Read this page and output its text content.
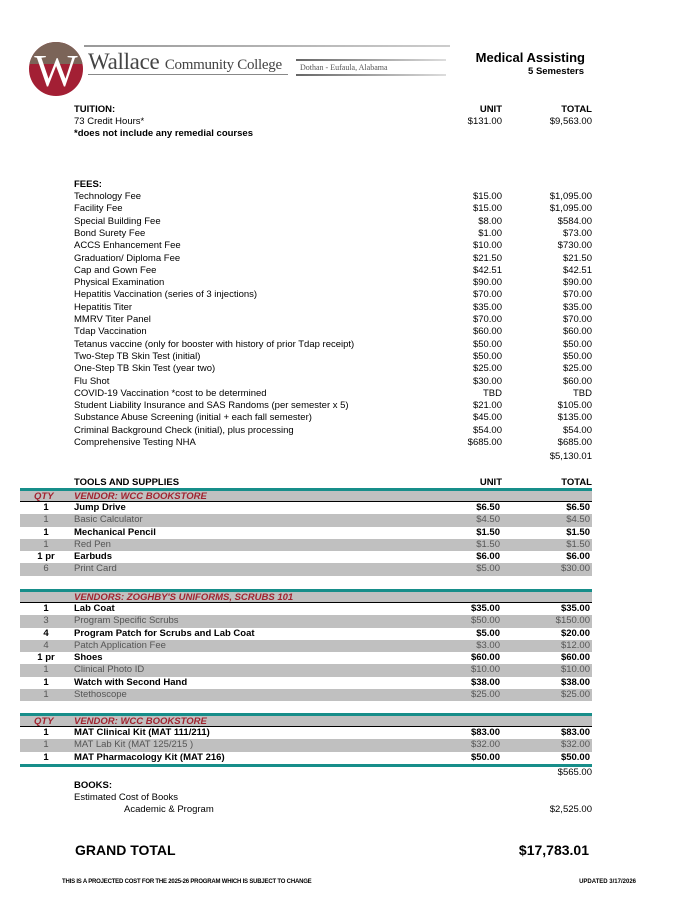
W Wallace Community College Dothan - Eufaula, Alabama
Medical Assisting
5 Semesters
TUITION:	UNIT	TOTAL
73 Credit Hours*	$131.00	$9,563.00
*does not include any remedial courses
FEES:
Technology Fee	$15.00	$1,095.00
Facility Fee	$15.00	$1,095.00
Special Building Fee	$8.00	$584.00
Bond Surety Fee	$1.00	$73.00
ACCS Enhancement Fee	$10.00	$730.00
Graduation/ Diploma Fee	$21.50	$21.50
Cap and Gown Fee	$42.51	$42.51
Physical Examination	$90.00	$90.00
Hepatitis Vaccination (series of 3 injections)	$70.00	$70.00
Hepatitis Titer	$35.00	$35.00
MMRV Titer Panel	$70.00	$70.00
Tdap Vaccination	$60.00	$60.00
Tetanus vaccine (only for booster with history of prior Tdap receipt)	$50.00	$50.00
Two-Step TB Skin Test (initial)	$50.00	$50.00
One-Step TB Skin Test (year two)	$25.00	$25.00
Flu Shot	$30.00	$60.00
COVID-19 Vaccination *cost to be determined	TBD	TBD
Student Liability Insurance and SAS Randoms (per semester x 5)	$21.00	$105.00
Substance Abuse Screening (initial + each fall semester)	$45.00	$135.00
Criminal Background Check (initial), plus processing	$54.00	$54.00
Comprehensive Testing NHA	$685.00	$685.00
$5,130.01
TOOLS AND SUPPLIES	UNIT	TOTAL
QTY VENDOR: WCC BOOKSTORE
1	Jump Drive	$6.50	$6.50
1	Basic Calculator	$4.50	$4.50
1	Mechanical Pencil	$1.50	$1.50
1	Red Pen	$1.50	$1.50
1 pr	Earbuds	$6.00	$6.00
6	Print Card	$5.00	$30.00
VENDORS: ZOGHBY'S UNIFORMS, SCRUBS 101
1	Lab Coat	$35.00	$35.00
3	Program Specific Scrubs	$50.00	$150.00
4	Program Patch for Scrubs and Lab Coat	$5.00	$20.00
4	Patch Application Fee	$3.00	$12.00
1 pr	Shoes	$60.00	$60.00
1	Clinical Photo ID	$10.00	$10.00
1	Watch with Second Hand	$38.00	$38.00
1	Stethoscope	$25.00	$25.00
QTY VENDOR: WCC BOOKSTORE
1	MAT Clinical Kit (MAT 111/211)	$83.00	$83.00
1	MAT Lab Kit (MAT 125/215 )	$32.00	$32.00
1	MAT Pharmacology Kit (MAT 216)	$50.00	$50.00
$565.00
BOOKS:
Estimated Cost of Books
Academic & Program	$2,525.00
GRAND TOTAL	$17,783.01
THIS IS A PROJECTED COST FOR THE 2025-26 PROGRAM WHICH IS SUBJECT TO CHANGE	UPDATED 3/17/2026
